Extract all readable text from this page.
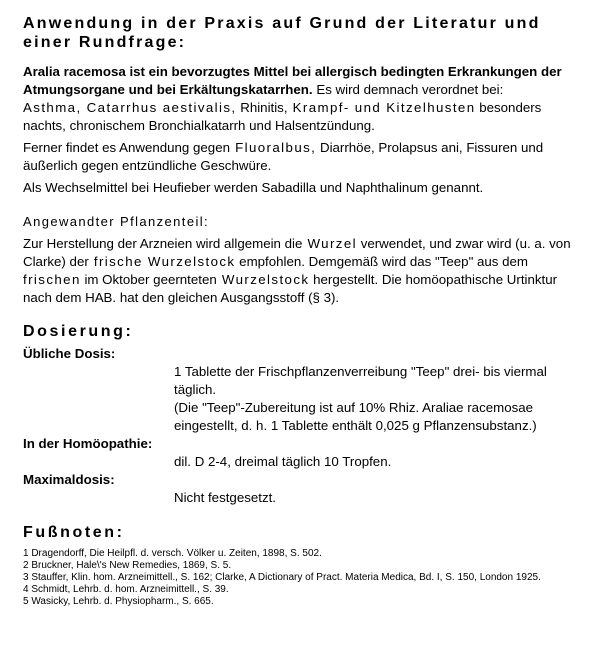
Anwendung in der Praxis auf Grund der Literatur und einer Rundfrage:

Aralia racemosa ist ein bevorzugtes Mittel bei allergisch bedingten Erkrankungen der Atmungsorgane und bei Erkältungskatarrhen. Es wird demnach verordnet bei:
Asthma, Catarrhus aestivalis, Rhinitis, Krampf- und Kitzelhusten besonders nachts, chronischem Bronchialkatarrh und Halsentzündung.

Ferner findet es Anwendung gegen Fluoralbus, Diarrhöe, Prolapsus ani, Fissuren und äußerlich gegen entzündliche Geschwüre.

Als Wechselmittel bei Heufieber werden Sabadilla und Naphthalinum genannt.

Angewandter Pflanzenteil:

Zur Herstellung der Arzneien wird allgemein die Wurzel verwendet, und zwar wird (u. a. von Clarke) der frische Wurzelstock empfohlen. Demgemäß wird das "Teep" aus dem frischen im Oktober geernteten Wurzelstock hergestellt. Die homöopathische Urtinktur nach dem HAB. hat den gleichen Ausgangsstoff (§ 3).

Dosierung:
Übliche Dosis:
1 Tablette der Frischpflanzenverreibung "Teep" drei- bis viermal täglich.
(Die "Teep"-Zubereitung ist auf 10% Rhiz. Araliae racemosae eingestellt, d. h. 1 Tablette enthält 0,025 g Pflanzensubstanz.)
In der Homöopathie:
dil. D 2-4, dreimal täglich 10 Tropfen.
Maximaldosis:
Nicht festgesetzt.
Fußnoten:

1 Dragendorff, Die Heilpfl. d. versch. Völker u. Zeiten, 1898, S. 502.

2 Bruckner, Hale\'s New Remedies, 1869, S. 5.

3 Stauffer, Klin. hom. Arzneimittell., S. 162; Clarke, A Dictionary of Pract. Materia Medica, Bd. I, S. 150, London 1925.

4 Schmidt, Lehrb. d. hom. Arzneimittell., S. 39.

5 Wasicky, Lehrb. d. Physiopharm., S. 665.
